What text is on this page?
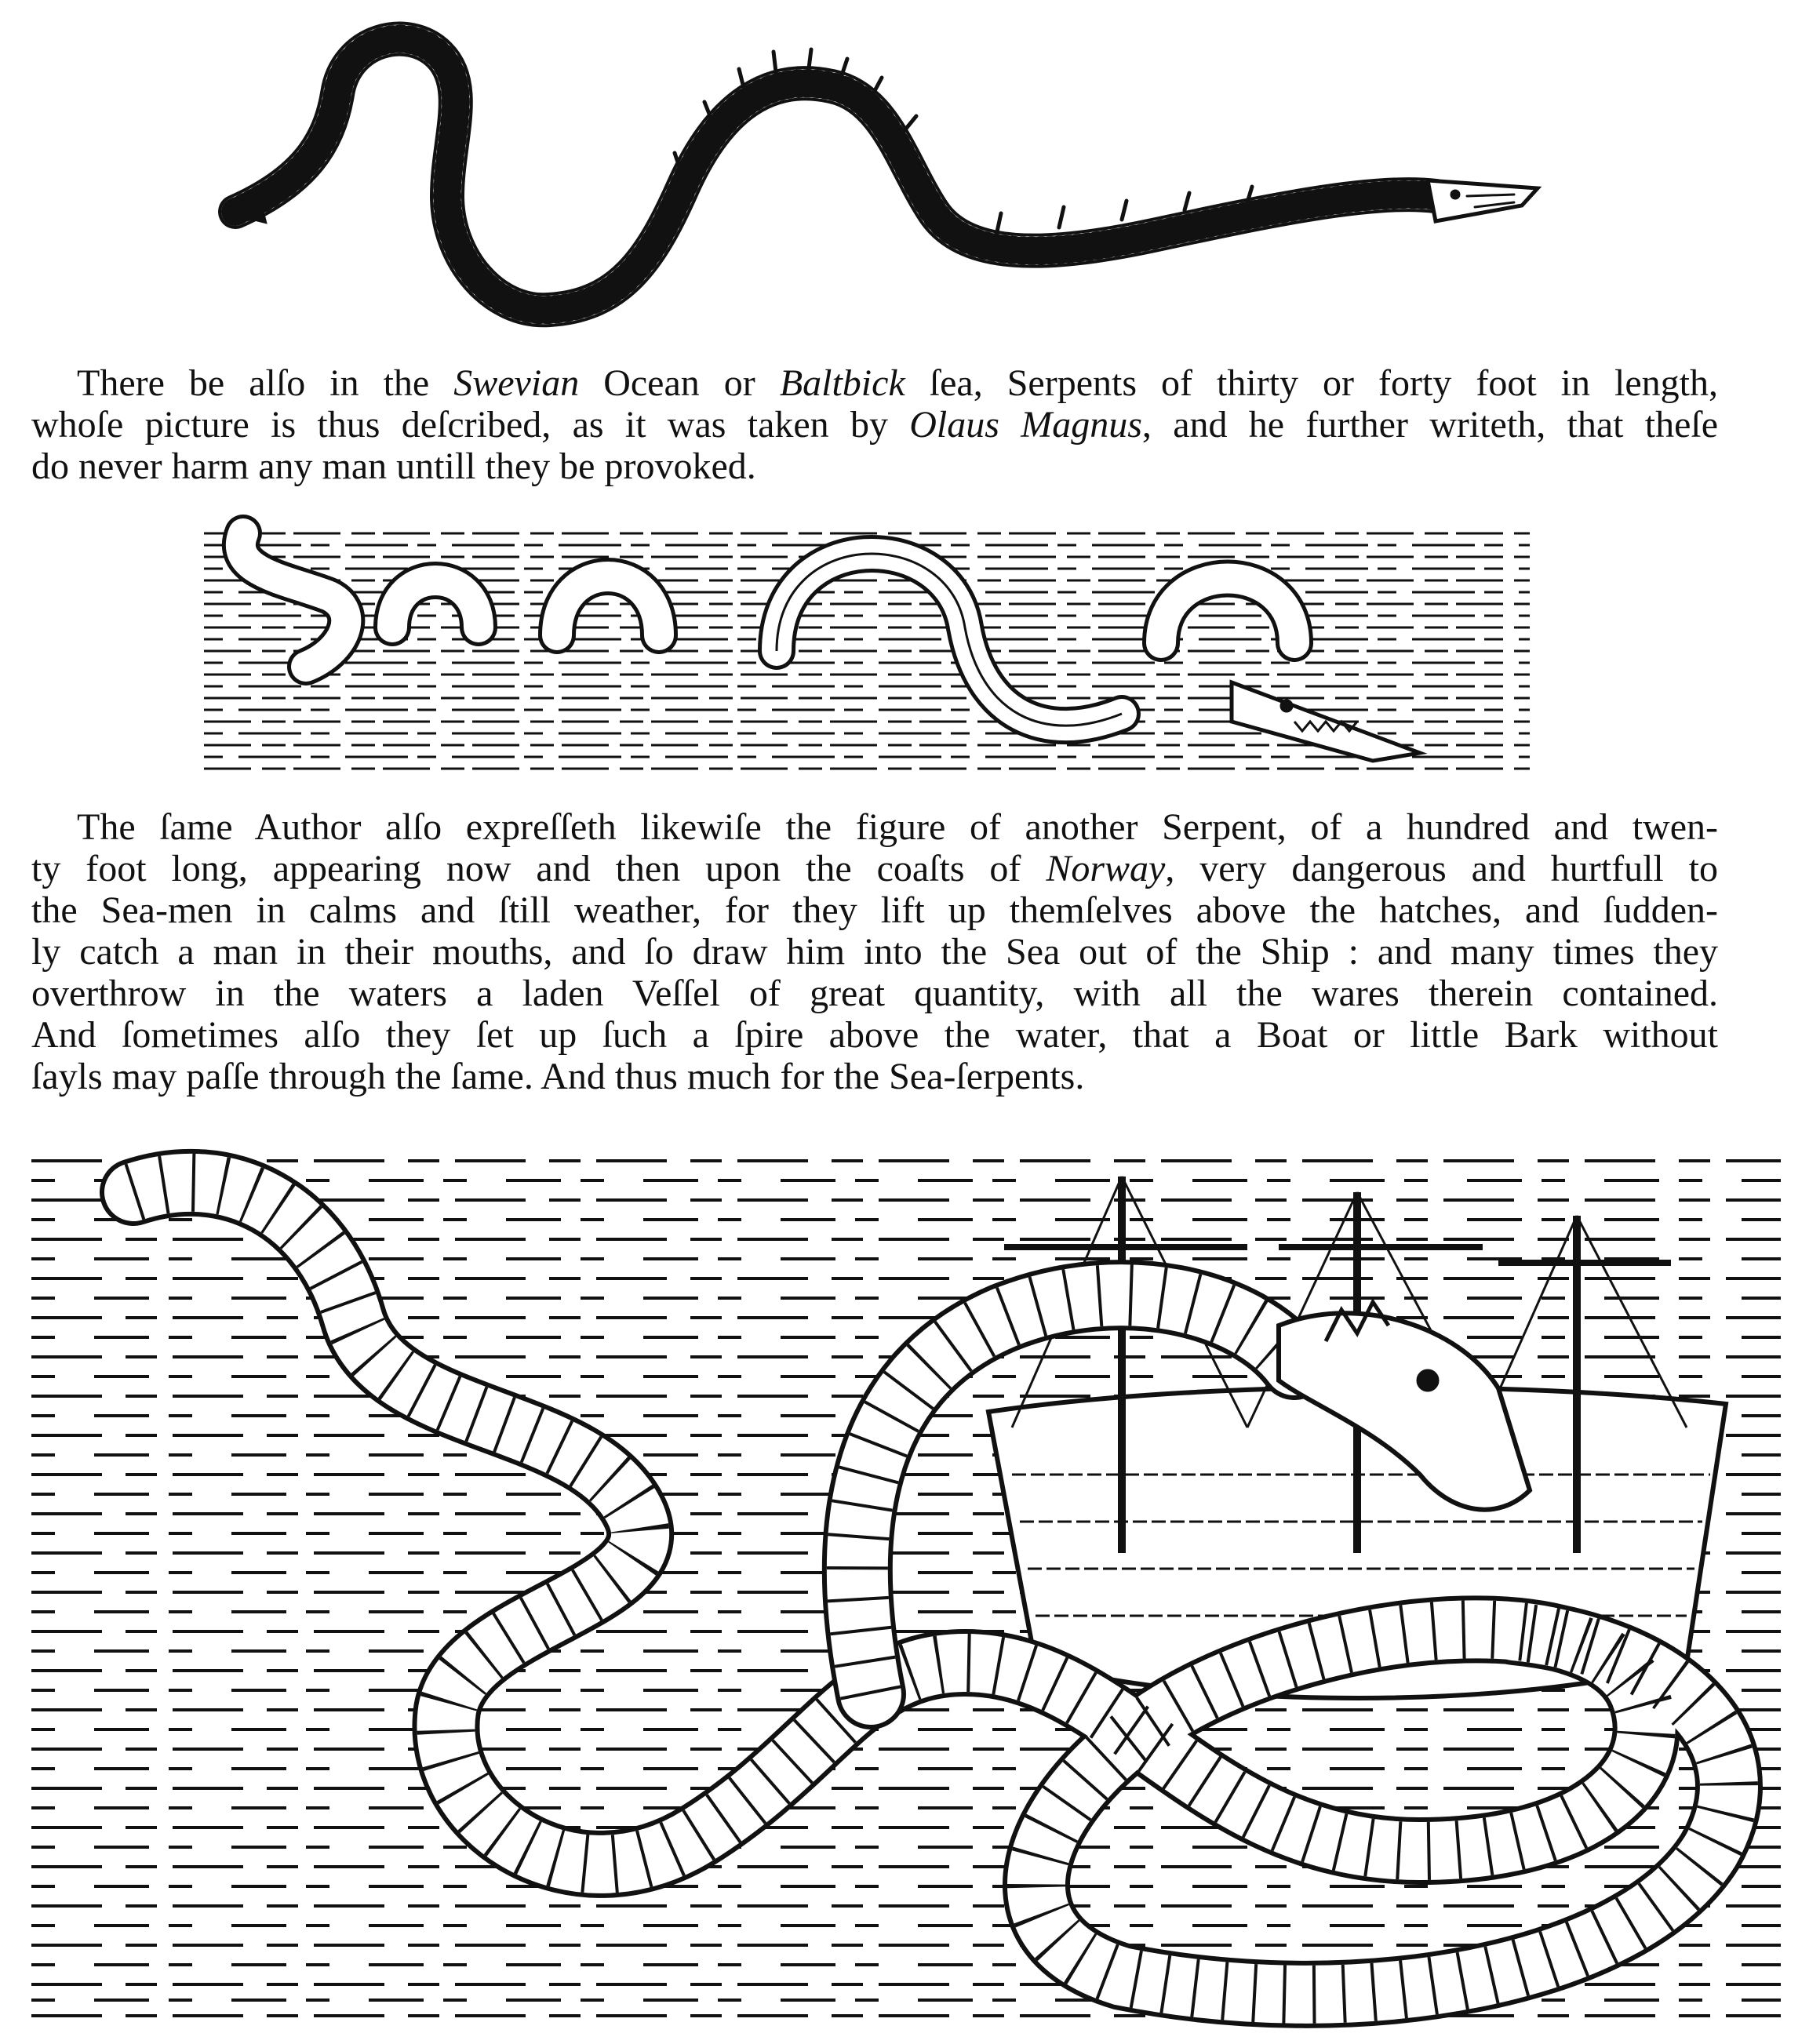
There be alſo in the Swevian Ocean or Baltbick ſea, Serpents of thirty or forty foot in length,
whoſe picture is thus deſcribed, as it was taken by Olaus Magnus, and he further writeth, that theſe
do never harm any man untill they be provoked.
The ſame Author alſo expreſſeth likewiſe the figure of another Serpent, of a hundred and twen-
ty foot long, appearing now and then upon the coaſts of Norway, very dangerous and hurtfull to
the Sea-men in calms and ſtill weather, for they lift up themſelves above the hatches, and ſudden-
ly catch a man in their mouths, and ſo draw him into the Sea out of the Ship : and many times they
overthrow in the waters a laden Veſſel of great quantity, with all the wares therein contained.
And ſometimes alſo they ſet up ſuch a ſpire above the water, that a Boat or little Bark without
ſayls may paſſe through the ſame. And thus much for the Sea-ſerpents.
